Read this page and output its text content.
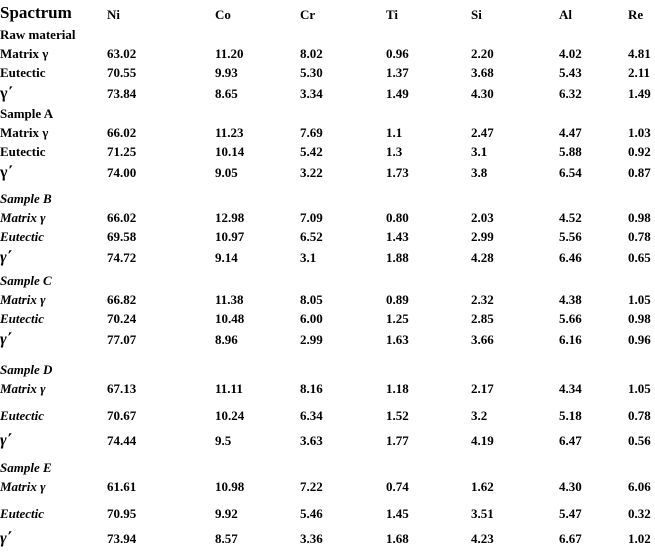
Spactrum	Ni	Co	Cr	Ti	Si	Al	Re
Raw material
Matrix γ	63.02	11.20	8.02	0.96	2.20	4.02	4.81
Eutectic	70.55	9.93	5.30	1.37	3.68	5.43	2.11
γ΄	73.84	8.65	3.34	1.49	4.30	6.32	1.49
Sample A
Matrix γ	66.02	11.23	7.69	1.1	2.47	4.47	1.03
Eutectic	71.25	10.14	5.42	1.3	3.1	5.88	0.92
γ΄	74.00	9.05	3.22	1.73	3.8	6.54	0.87
Sample B
Matrix γ	66.02	12.98	7.09	0.80	2.03	4.52	0.98
Eutectic	69.58	10.97	6.52	1.43	2.99	5.56	0.78
γ΄	74.72	9.14	3.1	1.88	4.28	6.46	0.65
Sample C
Matrix γ	66.82	11.38	8.05	0.89	2.32	4.38	1.05
Eutectic	70.24	10.48	6.00	1.25	2.85	5.66	0.98
γ΄	77.07	8.96	2.99	1.63	3.66	6.16	0.96
Sample D
Matrix γ	67.13	11.11	8.16	1.18	2.17	4.34	1.05
Eutectic	70.67	10.24	6.34	1.52	3.2	5.18	0.78
γ΄	74.44	9.5	3.63	1.77	4.19	6.47	0.56
Sample E
Matrix γ	61.61	10.98	7.22	0.74	1.62	4.30	6.06
Eutectic	70.95	9.92	5.46	1.45	3.51	5.47	0.32
γ΄	73.94	8.57	3.36	1.68	4.23	6.67	1.02
